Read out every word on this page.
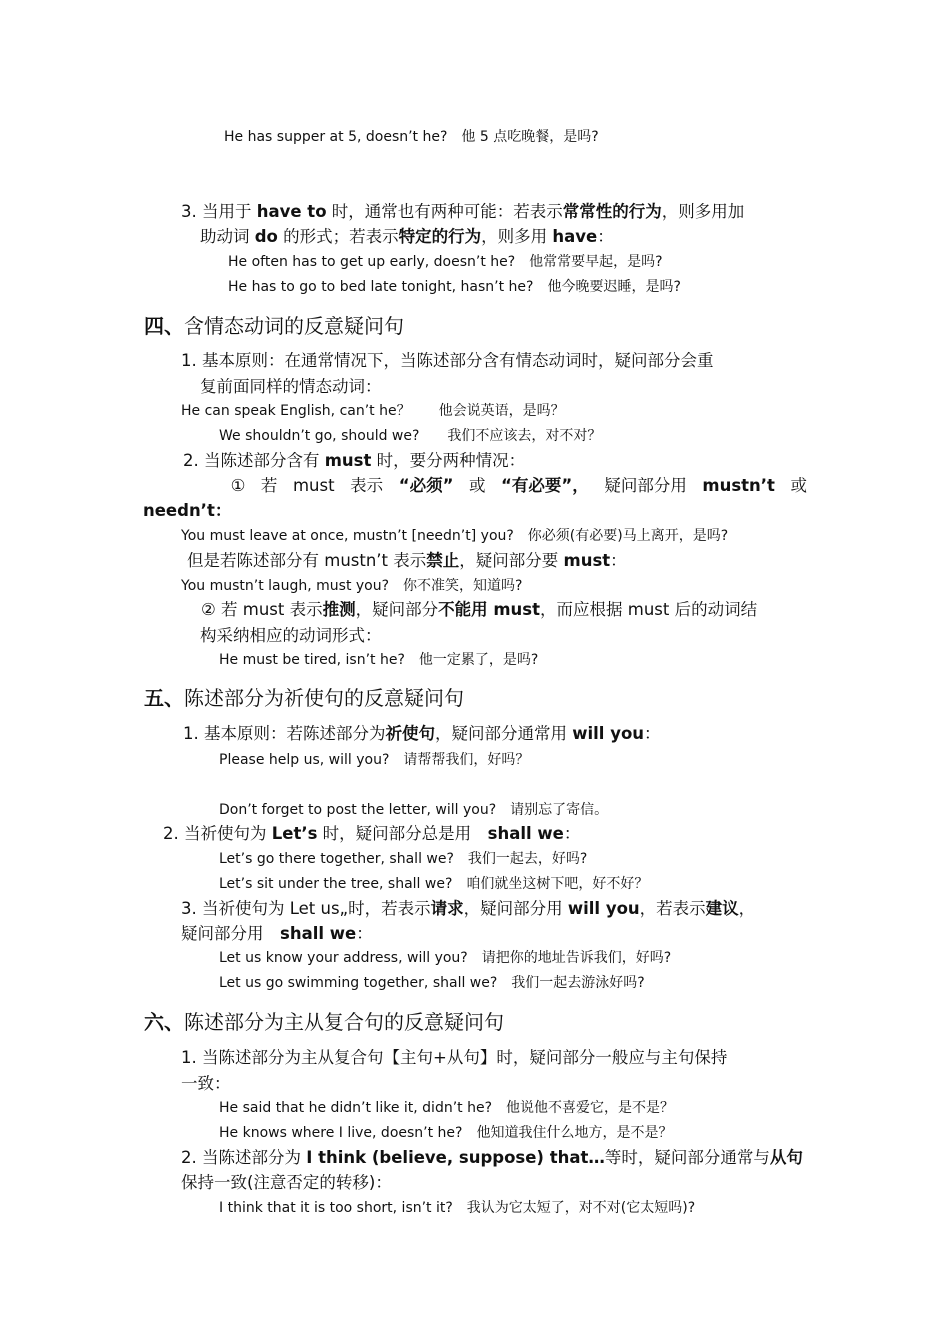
He has supper at 5, doesn’t he?　他 5 点吃晚餐，是吗?
3. 当用于 have to 时，通常也有两种可能：若表示常常性的行为，则多用加
助动词 do 的形式；若表示特定的行为，则多用 have：
He often has to get up early, doesn’t he?　他常常要早起，是吗?
He has to go to bed late tonight, hasn’t he?　他今晚要迟睡，是吗?
四、含情态动词的反意疑问句
1. 基本原则：在通常情况下，当陈述部分含有情态动词时，疑问部分会重
复前面同样的情态动词：
He can speak English, can’t he？　　他会说英语，是吗？
We shouldn’t go, should we?　　我们不应该去，对不对？
2. 当陈述部分含有 must 时，要分两种情况：
① 若 must 表示 “必须” 或 “有必要”， 疑问部分用 mustn’t 或
needn’t：
You must leave at once, mustn’t [needn’t] you?　你必须(有必要)马上离开，是吗?
但是若陈述部分有 mustn’t 表示禁止，疑问部分要 must：
You mustn’t laugh, must you?　你不准笑，知道吗?
② 若 must 表示推测，疑问部分不能用 must，而应根据 must 后的动词结
构采纳相应的动词形式：
He must be tired, isn’t he?　他一定累了，是吗?
五、陈述部分为祈使句的反意疑问句
1. 基本原则：若陈述部分为祈使句，疑问部分通常用 will you：
Please help us, will you?　请帮帮我们，好吗？
Don’t forget to post the letter, will you?　请别忘了寄信。
2. 当祈使句为 Let’s 时，疑问部分总是用　shall we：
Let’s go there together, shall we?　我们一起去，好吗?
Let’s sit under the tree, shall we?　咱们就坐这树下吧，好不好？
3. 当祈使句为 Let us„时，若表示请求，疑问部分用 will you，若表示建议，
疑问部分用　shall we：
Let us know your address, will you?　请把你的地址告诉我们，好吗?
Let us go swimming together, shall we?　我们一起去游泳好吗?
六、陈述部分为主从复合句的反意疑问句
1. 当陈述部分为主从复合句【主句+从句】时，疑问部分一般应与主句保持
一致：
He said that he didn’t like it, didn’t he?　他说他不喜爱它，是不是？
He knows where I live, doesn’t he?　他知道我住什么地方，是不是？
2. 当陈述部分为 I think (believe, suppose) that…等时，疑问部分通常与从句
保持一致(注意否定的转移)：
I think that it is too short, isn’t it?　我认为它太短了，对不对(它太短吗)?
